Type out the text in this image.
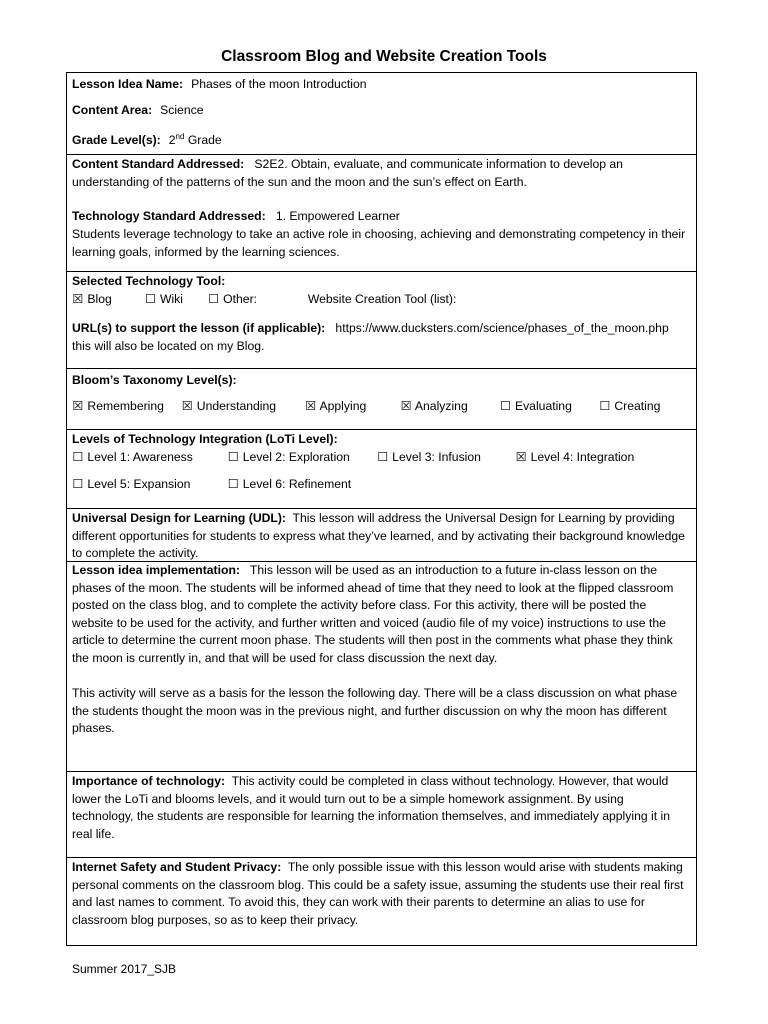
Classroom Blog and Website Creation Tools
Lesson Idea Name: Phases of the moon Introduction
Content Area: Science
Grade Level(s): 2nd Grade
Content Standard Addressed: S2E2. Obtain, evaluate, and communicate information to develop an understanding of the patterns of the sun and the moon and the sun’s effect on Earth.
Technology Standard Addressed: 1. Empowered Learner
Students leverage technology to take an active role in choosing, achieving and demonstrating competency in their learning goals, informed by the learning sciences.
Selected Technology Tool:
☒ Blog	☐ Wiki ☐ Other:	Website Creation Tool (list):
URL(s) to support the lesson (if applicable): https://www.ducksters.com/science/phases_of_the_moon.php
this will also be located on my Blog.
Bloom’s Taxonomy Level(s):
☒ Remembering ☒ Understanding ☒ Applying	☒ Analyzing	☐ Evaluating ☐ Creating
Levels of Technology Integration (LoTi Level):
☐ Level 1: Awareness	☐ Level 2: Exploration ☐ Level 3: Infusion	☒ Level 4: Integration
☐ Level 5: Expansion	☐ Level 6: Refinement
Universal Design for Learning (UDL): This lesson will address the Universal Design for Learning by providing different opportunities for students to express what they’ve learned, and by activating their background knowledge to complete the activity.
Lesson idea implementation: This lesson will be used as an introduction to a future in-class lesson on the phases of the moon. The students will be informed ahead of time that they need to look at the flipped classroom posted on the class blog, and to complete the activity before class. For this activity, there will be posted the website to be used for the activity, and further written and voiced (audio file of my voice) instructions to use the article to determine the current moon phase. The students will then post in the comments what phase they think the moon is currently in, and that will be used for class discussion the next day.
This activity will serve as a basis for the lesson the following day. There will be a class discussion on what phase the students thought the moon was in the previous night, and further discussion on why the moon has different phases.
Importance of technology: This activity could be completed in class without technology. However, that would lower the LoTi and blooms levels, and it would turn out to be a simple homework assignment. By using technology, the students are responsible for learning the information themselves, and immediately applying it in real life.
Internet Safety and Student Privacy: The only possible issue with this lesson would arise with students making personal comments on the classroom blog. This could be a safety issue, assuming the students use their real first and last names to comment. To avoid this, they can work with their parents to determine an alias to use for classroom blog purposes, so as to keep their privacy.
Summer 2017_SJB
